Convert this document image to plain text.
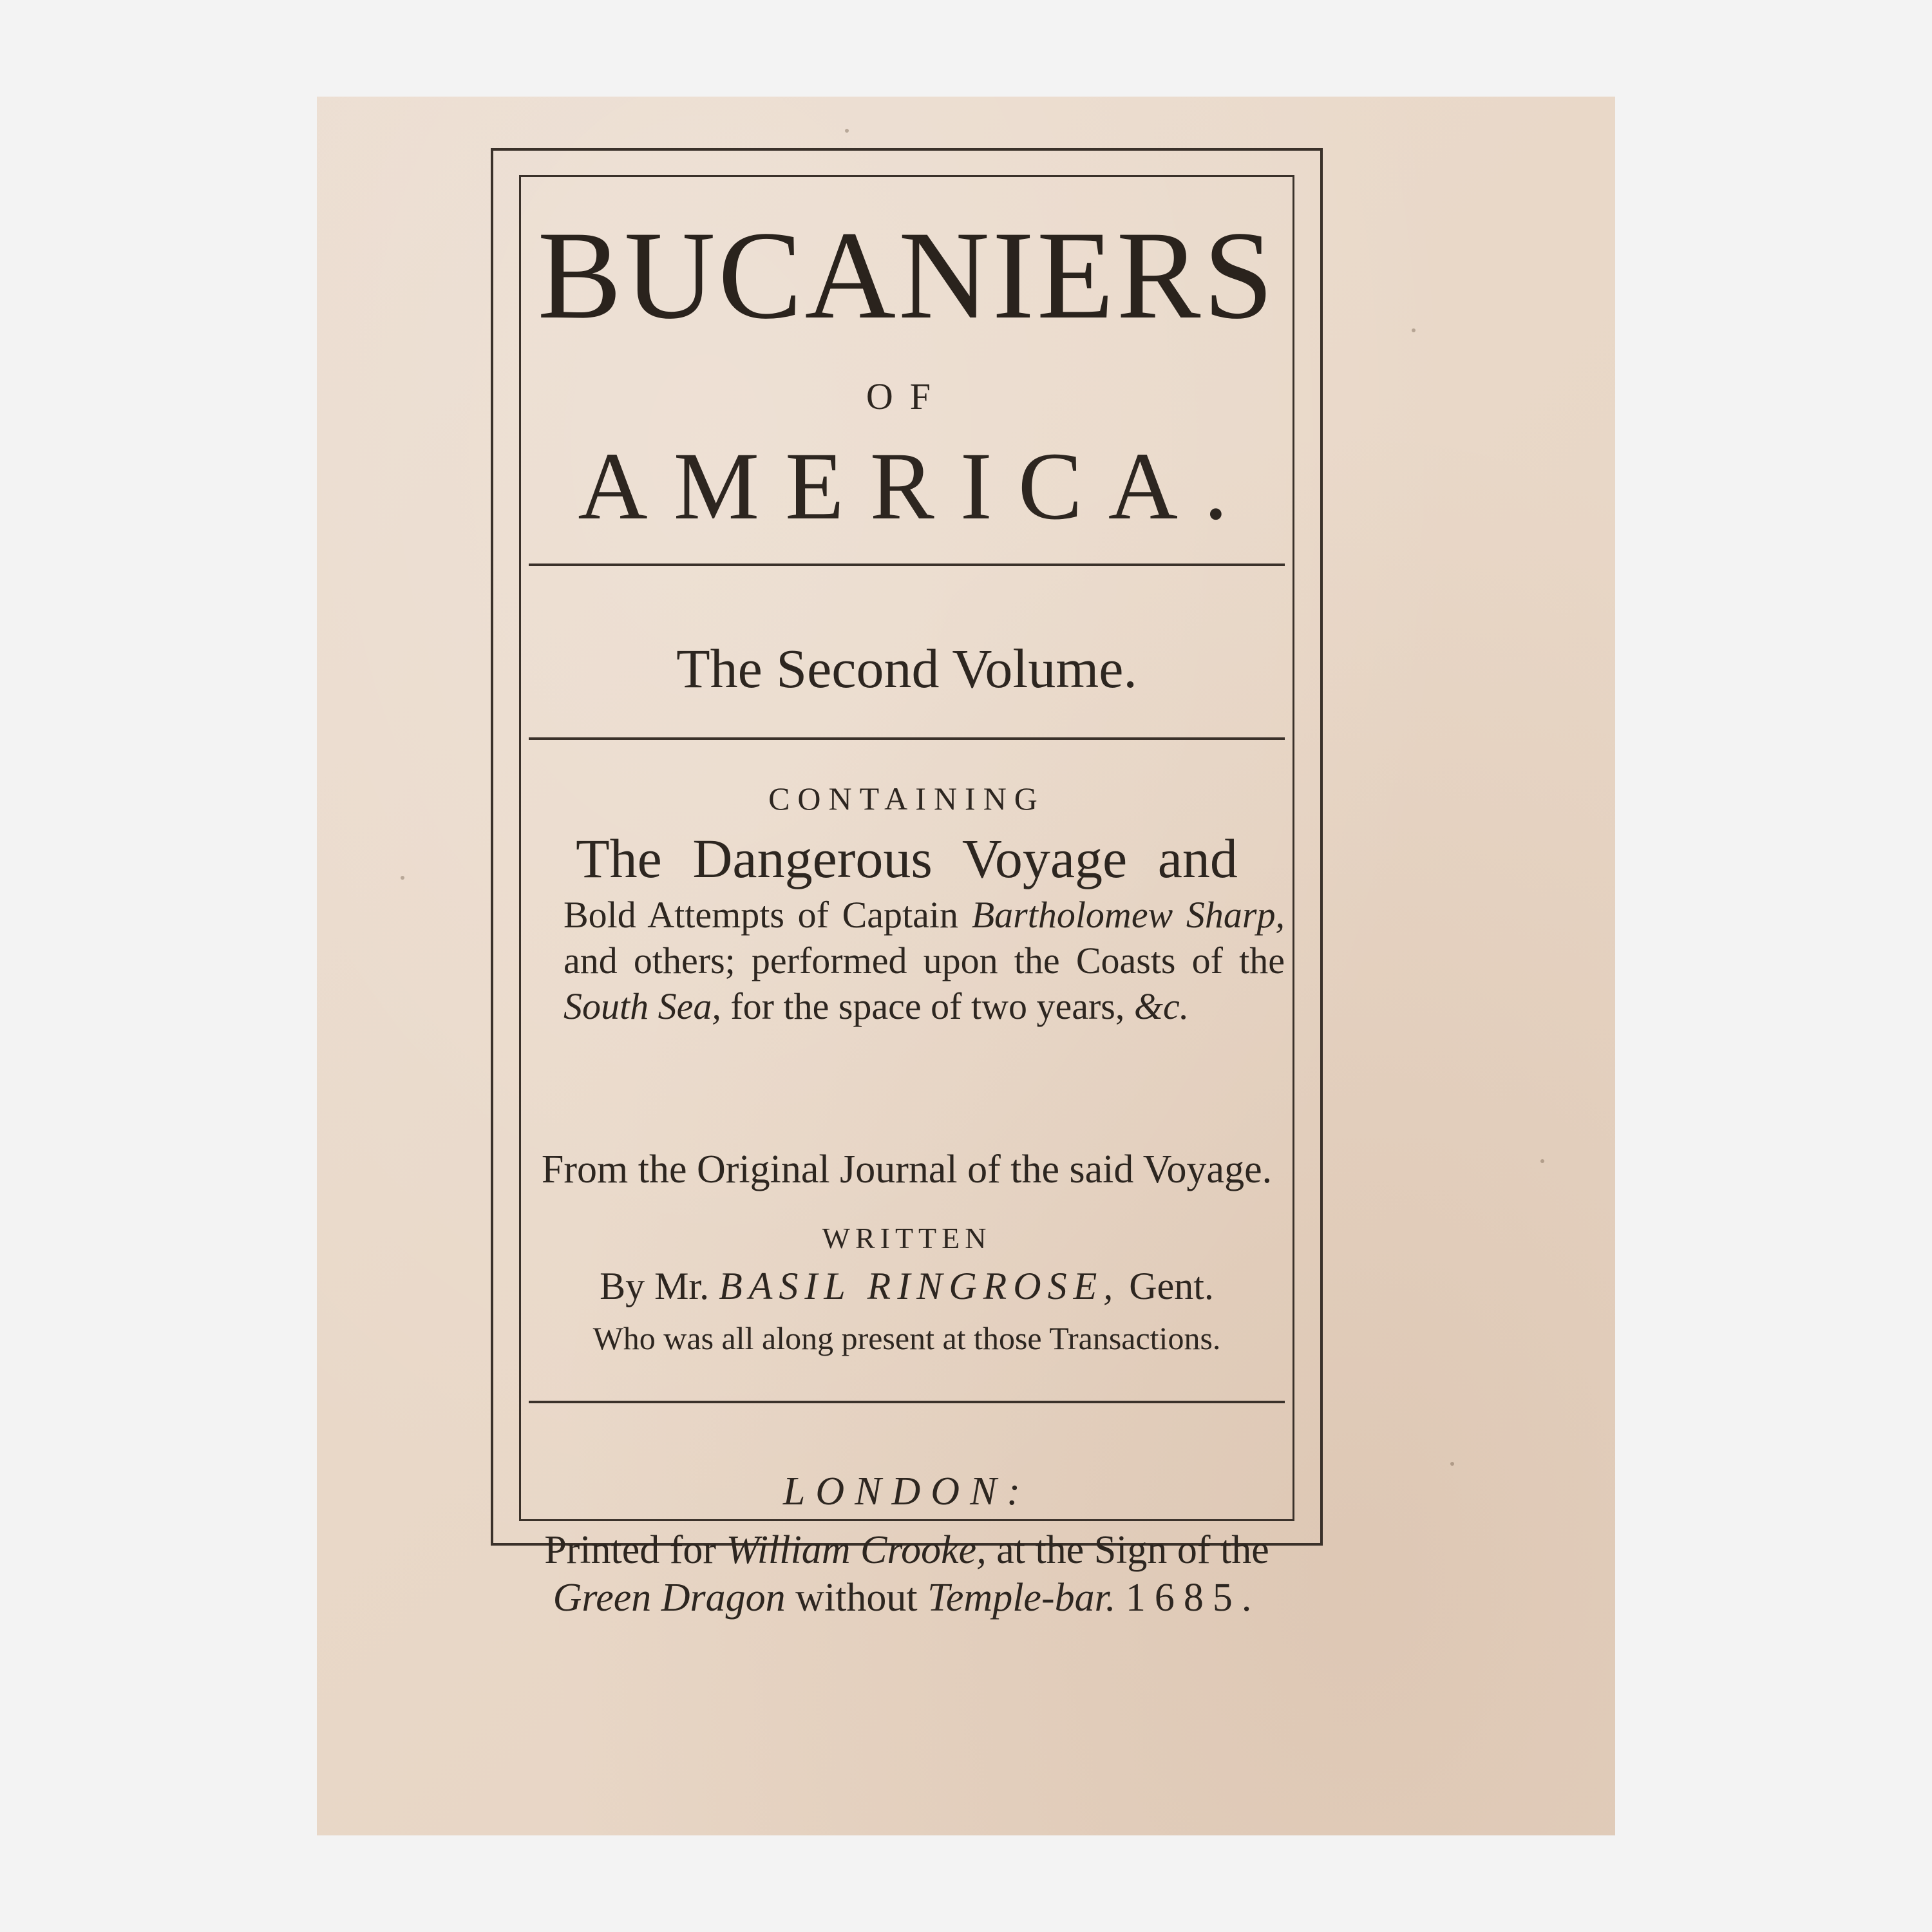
BUCANIERS
OF
AMERICA.
The Second Volume.
CONTAINING
The Dangerous Voyage and
Bold Attempts of Captain Bartholomew Sharp, and others; performed upon the Coasts of the South Sea, for the space of two years, &c.
From the Original Journal of the said Voyage.
WRITTEN
By Mr. BASIL RINGROSE, Gent.
Who was all along present at those Transactions.
LONDON:
Printed for William Crooke, at the Sign of the Green Dragon without Temple-bar. 1685.
